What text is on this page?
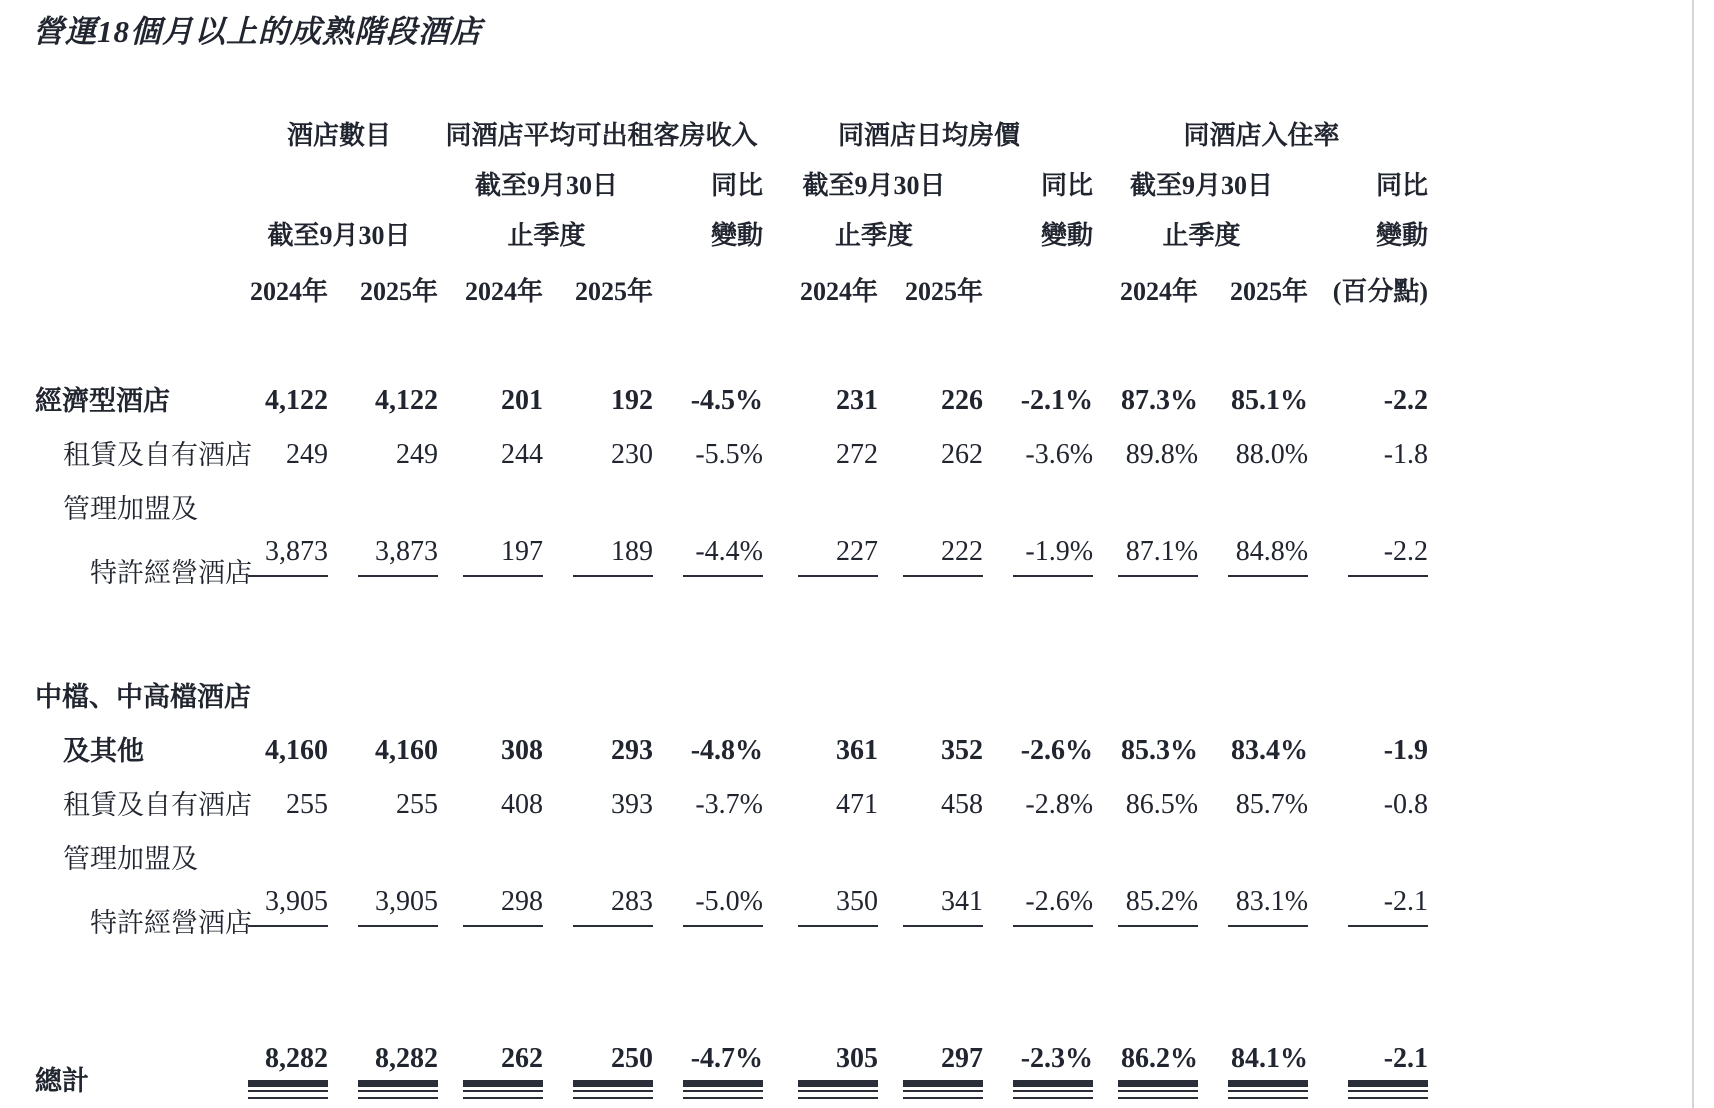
營運18個月以上的成熟階段酒店
	酒店數目		同酒店平均可出租客房收入			同酒店日均房價			同酒店入住率		
			截至9月30日		同比	截至9月30日		同比	截至9月30日		同比
	截至9月30日		止季度		變動	止季度		變動	止季度		變動
	2024年	2025年	2024年	2025年		2024年	2025年		2024年	2025年	(百分點)

經濟型酒店	4,122	4,122	201	192	-4.5%	231	226	-2.1%	87.3%	85.1%	-2.2
租賃及自有酒店	249	249	244	230	-5.5%	272	262	-3.6%	89.8%	88.0%	-1.8
管理加盟及											
特許經營酒店	3,873	3,873	197	189	-4.4%	227	222	-1.9%	87.1%	84.8%	-2.2

中檔、中高檔酒店											
及其他	4,160	4,160	308	293	-4.8%	361	352	-2.6%	85.3%	83.4%	-1.9
租賃及自有酒店	255	255	408	393	-3.7%	471	458	-2.8%	86.5%	85.7%	-0.8
管理加盟及											
特許經營酒店	3,905	3,905	298	283	-5.0%	350	341	-2.6%	85.2%	83.1%	-2.1

總計	8,282	8,282	262	250	-4.7%	305	297	-2.3%	86.2%	84.1%	-2.1
